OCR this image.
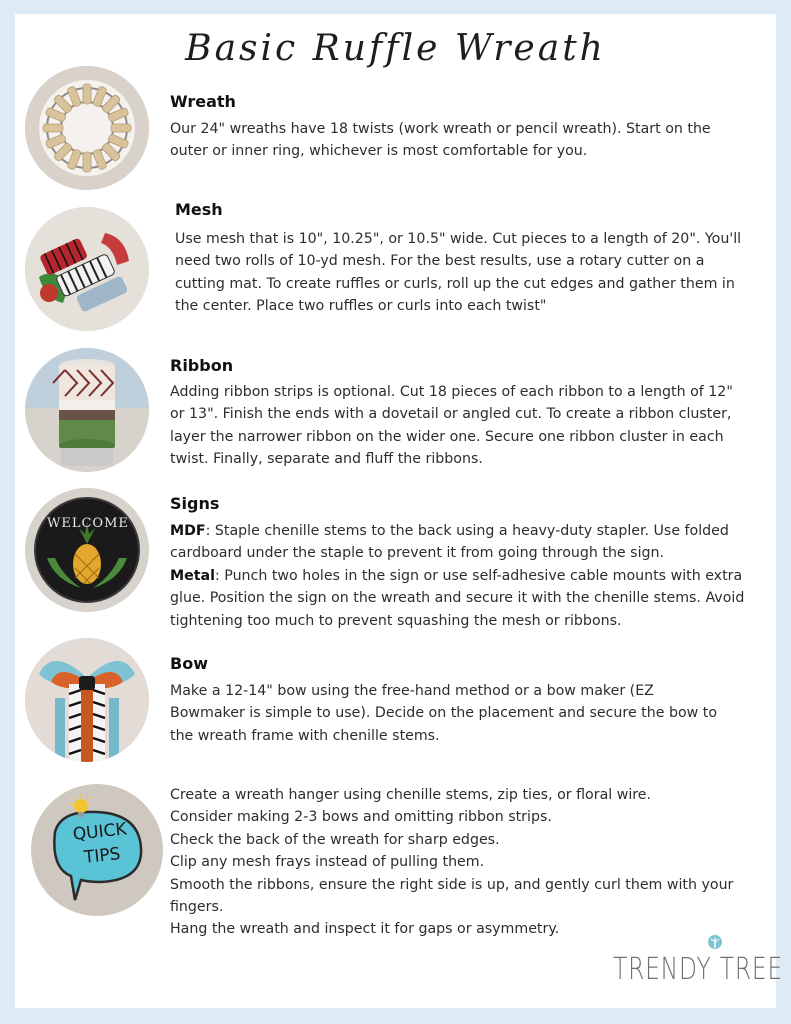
Basic Ruffle Wreath
Wreath
Our 24" wreaths have 18 twists (work wreath or pencil wreath). Start on the
outer or inner ring, whichever is most comfortable for you.
Mesh
Use mesh that is 10", 10.25", or 10.5" wide. Cut pieces to a length of 20". You'll
need two rolls of 10-yd mesh. For the best results, use a rotary cutter on a
cutting mat. To create ruffles or curls, roll up the cut edges and gather them in
the center. Place two ruffles or curls into each twist"
Ribbon
Adding ribbon strips is optional. Cut 18 pieces of each ribbon to a length of 12"
or 13". Finish the ends with a dovetail or angled cut. To create a ribbon cluster,
layer the narrower ribbon on the wider one. Secure one ribbon cluster in each
twist. Finally, separate and fluff the ribbons.
WELCOME
Signs
MDF: Staple chenille stems to the back using a heavy-duty stapler. Use folded
cardboard under the staple to prevent it from going through the sign.
Metal: Punch two holes in the sign or use self-adhesive cable mounts with extra
glue. Position the sign on the wreath and secure it with the chenille stems. Avoid
tightening too much to prevent squashing the mesh or ribbons.
Bow
Make a 12-14" bow using the free-hand method or a bow maker (EZ
Bowmaker is simple to use). Decide on the placement and secure the bow to
the wreath frame with chenille stems.
QUICK
TIPS
Create a wreath hanger using chenille stems, zip ties, or floral wire.
Consider making 2-3 bows and omitting ribbon strips.
Check the back of the wreath for sharp edges.
Clip any mesh frays instead of pulling them.
Smooth the ribbons, ensure the right side is up, and gently curl them with your
fingers.
Hang the wreath and inspect it for gaps or asymmetry.
TRENDY TREE
